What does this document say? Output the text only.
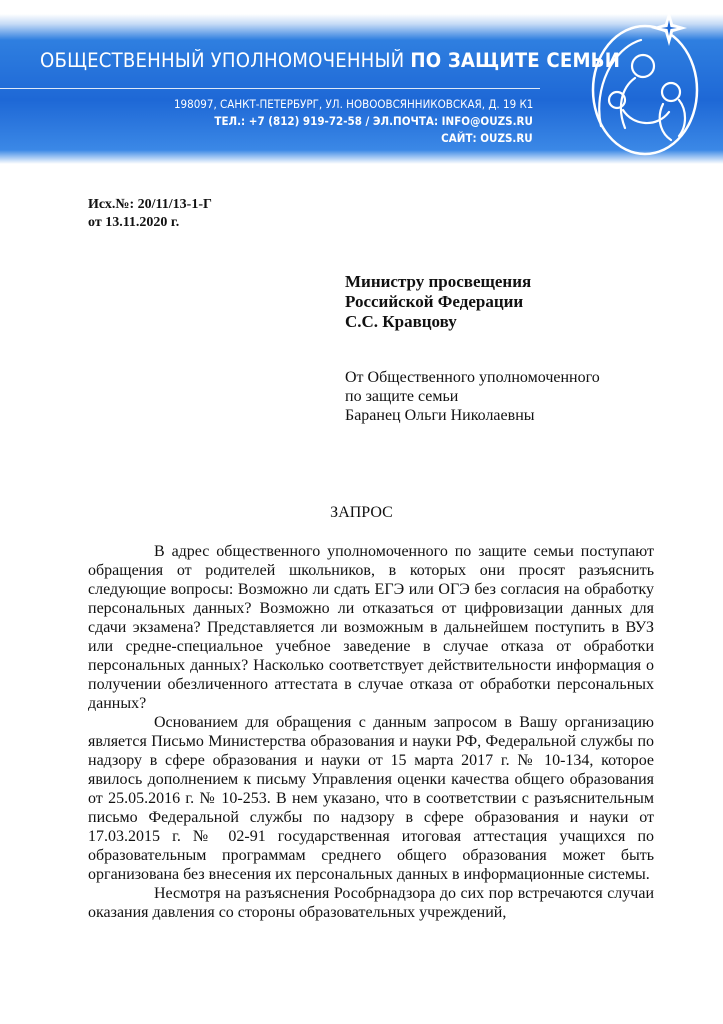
ОБЩЕСТВЕННЫЙ УПОЛНОМОЧЕННЫЙ ПО ЗАЩИТЕ СЕМЬИ
198097, САНКТ-ПЕТЕРБУРГ, УЛ. НОВООВСЯННИКОВСКАЯ, Д. 19 К1
ТЕЛ.: +7 (812) 919-72-58 / ЭЛ.ПОЧТА: INFO@OUZS.RU
САЙТ: OUZS.RU
Исх.№: 20/11/13-1-Г
от 13.11.2020 г.
Министру просвещения
Российской Федерации
С.С. Кравцову
От Общественного уполномоченного
по защите семьи
Баранец Ольги Николаевны
ЗАПРОС

В адрес общественного уполномоченного по защите семьи поступают обращения от родителей школьников, в которых они просят разъяснить следующие вопросы: Возможно ли сдать ЕГЭ или ОГЭ без согласия на обработку персональных данных? Возможно ли отказаться от цифровизации данных для сдачи экзамена? Представляется ли возможным в дальнейшем поступить в ВУЗ или средне-специальное учебное заведение в случае отказа от обработки персональных данных? Насколько соответствует действительности информация о получении обезличенного аттестата в случае отказа от обработки персональных данных?

Основанием для обращения с данным запросом в Вашу организацию является Письмо Министерства образования и науки РФ, Федеральной службы по надзору в сфере образования и науки от 15 марта 2017 г. № 10-134, которое явилось дополнением к письму Управления оценки качества общего образования от 25.05.2016 г. № 10-253. В нем указано, что в соответствии с разъяснительным письмо Федеральной службы по надзору в сфере образования и науки от 17.03.2015 г. № 02-91 государственная итоговая аттестация учащихся по образовательным программам среднего общего образования может быть организована без внесения их персональных данных в информационные системы.

Несмотря на разъяснения Рособрнадзора до сих пор встречаются случаи оказания давления со стороны образовательных учреждений,
